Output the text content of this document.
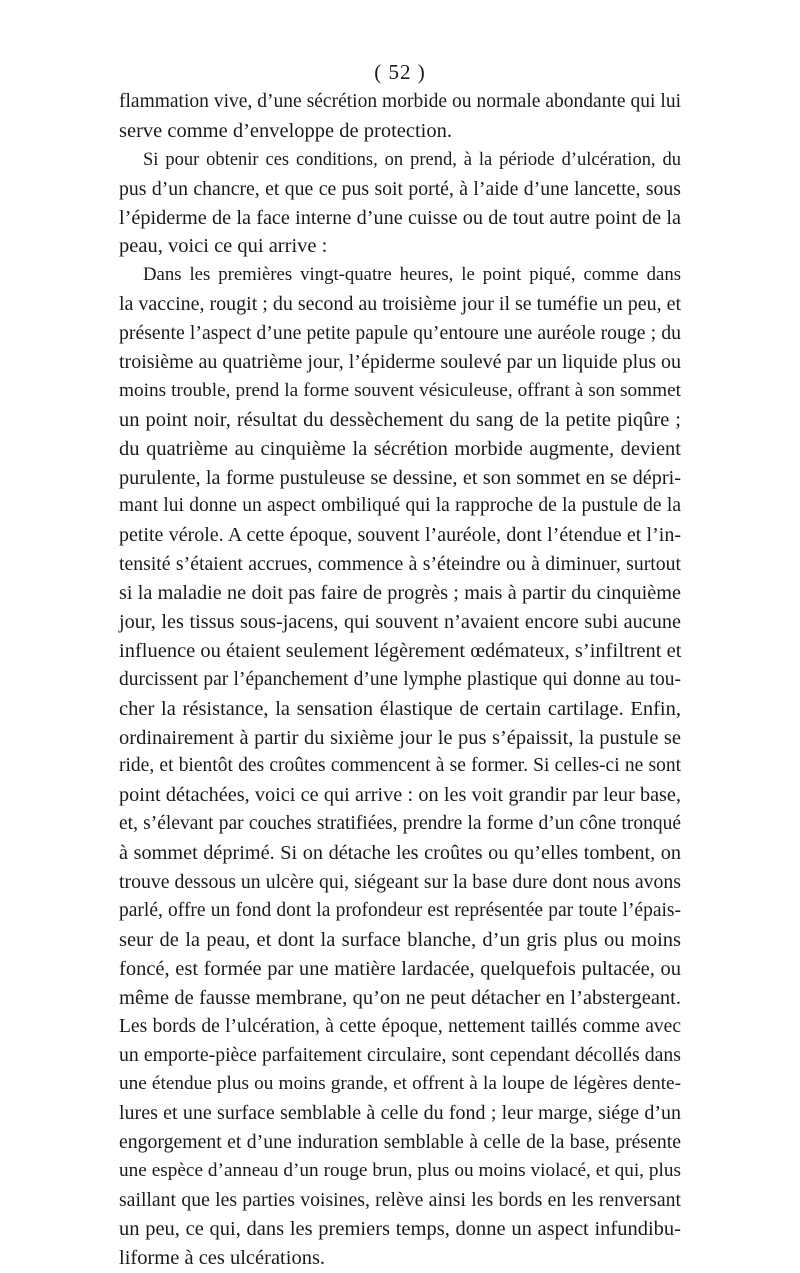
( 52 )
flammation vive, d’une sécrétion morbide ou normale abondante qui lui
serve comme d’enveloppe de protection.
Si pour obtenir ces conditions, on prend, à la période d’ulcération, du
pus d’un chancre, et que ce pus soit porté, à l’aide d’une lancette, sous
l’épiderme de la face interne d’une cuisse ou de tout autre point de la
peau, voici ce qui arrive :
Dans les premières vingt-quatre heures, le point piqué, comme dans
la vaccine, rougit ; du second au troisième jour il se tuméfie un peu, et
présente l’aspect d’une petite papule qu’entoure une auréole rouge ; du
troisième au quatrième jour, l’épiderme soulevé par un liquide plus ou
moins trouble, prend la forme souvent vésiculeuse, offrant à son sommet
un point noir, résultat du dessèchement du sang de la petite piqûre ;
du quatrième au cinquième la sécrétion morbide augmente, devient
purulente, la forme pustuleuse se dessine, et son sommet en se dépri-
mant lui donne un aspect ombiliqué qui la rapproche de la pustule de la
petite vérole. A cette époque, souvent l’auréole, dont l’étendue et l’in-
tensité s’étaient accrues, commence à s’éteindre ou à diminuer, surtout
si la maladie ne doit pas faire de progrès ; mais à partir du cinquième
jour, les tissus sous-jacens, qui souvent n’avaient encore subi aucune
influence ou étaient seulement légèrement œdémateux, s’infiltrent et
durcissent par l’épanchement d’une lymphe plastique qui donne au tou-
cher la résistance, la sensation élastique de certain cartilage. Enfin,
ordinairement à partir du sixième jour le pus s’épaissit, la pustule se
ride, et bientôt des croûtes commencent à se former. Si celles-ci ne sont
point détachées, voici ce qui arrive : on les voit grandir par leur base,
et, s’élevant par couches stratifiées, prendre la forme d’un cône tronqué
à sommet déprimé. Si on détache les croûtes ou qu’elles tombent, on
trouve dessous un ulcère qui, siégeant sur la base dure dont nous avons
parlé, offre un fond dont la profondeur est représentée par toute l’épais-
seur de la peau, et dont la surface blanche, d’un gris plus ou moins
foncé, est formée par une matière lardacée, quelquefois pultacée, ou
même de fausse membrane, qu’on ne peut détacher en l’abstergeant.
Les bords de l’ulcération, à cette époque, nettement taillés comme avec
un emporte-pièce parfaitement circulaire, sont cependant décollés dans
une étendue plus ou moins grande, et offrent à la loupe de légères dente-
lures et une surface semblable à celle du fond ; leur marge, siége d’un
engorgement et d’une induration semblable à celle de la base, présente
une espèce d’anneau d’un rouge brun, plus ou moins violacé, et qui, plus
saillant que les parties voisines, relève ainsi les bords en les renversant
un peu, ce qui, dans les premiers temps, donne un aspect infundibu-
liforme à ces ulcérations.
